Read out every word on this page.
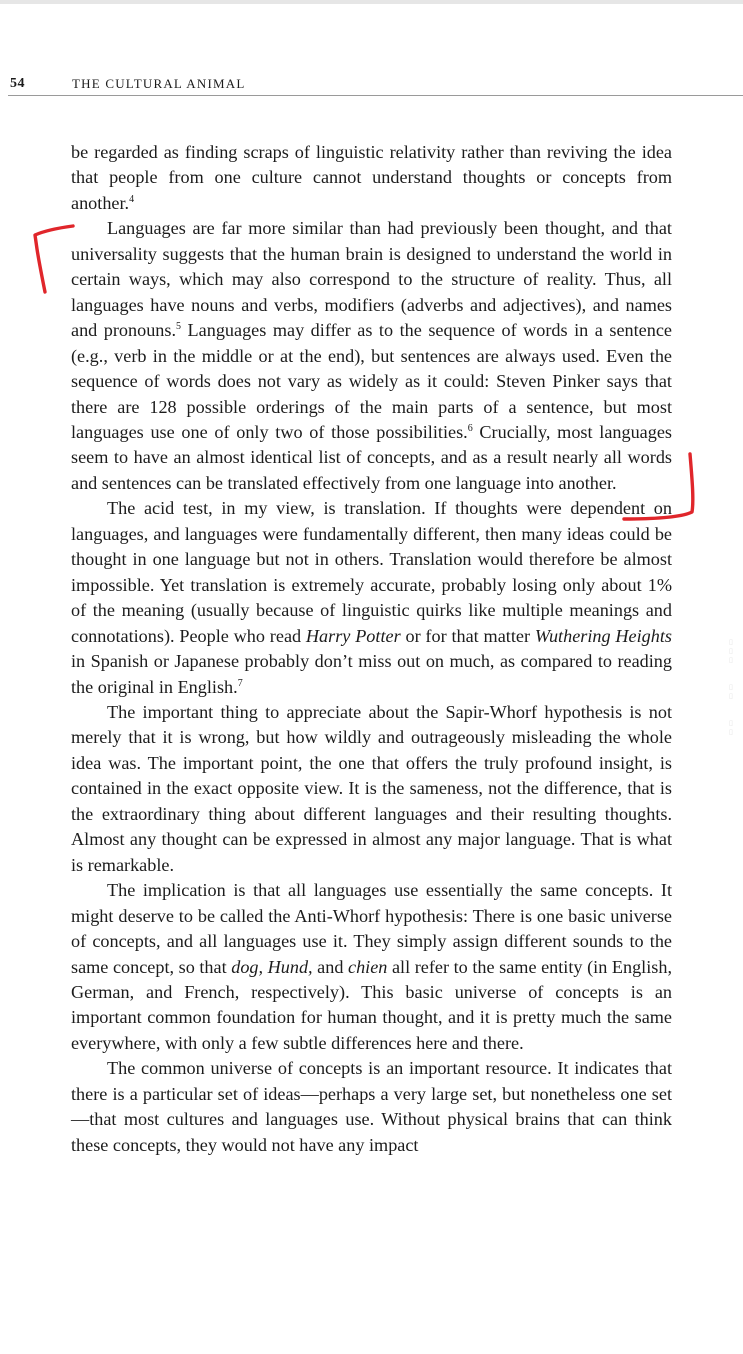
54	THE CULTURAL ANIMAL

be regarded as finding scraps of linguistic relativity rather than reviving the idea that people from one culture cannot understand thoughts or concepts from another.$^4$

Languages are far more similar than had previously been thought, and that universality suggests that the human brain is designed to understand the world in certain ways, which may also correspond to the structure of reality. Thus, all languages have nouns and verbs, modifiers (adverbs and adjectives), and names and pronouns.$^5$ Languages may differ as to the sequence of words in a sentence (e.g., verb in the middle or at the end), but sentences are always used. Even the sequence of words does not vary as widely as it could: Steven Pinker says that there are 128 possible orderings of the main parts of a sentence, but most languages use one of only two of those possibilities.$^6$ Crucially, most languages seem to have an almost identical list of concepts, and as a result nearly all words and sentences can be translated effectively from one language into another.

The acid test, in my view, is translation. If thoughts were dependent on languages, and languages were fundamentally different, then many ideas could be thought in one language but not in others. Translation would therefore be almost impossible. Yet translation is extremely accurate, probably losing only about 1% of the meaning (usually because of linguistic quirks like multiple meanings and connotations). People who read Harry Potter or for that matter Wuthering Heights in Spanish or Japanese probably don’t miss out on much, as compared to reading the original in English.$^7$

The important thing to appreciate about the Sapir-Whorf hypothesis is not merely that it is wrong, but how wildly and outrageously misleading the whole idea was. The important point, the one that offers the truly profound insight, is contained in the exact opposite view. It is the sameness, not the difference, that is the extraordinary thing about different languages and their resulting thoughts. Almost any thought can be expressed in almost any major language. That is what is remarkable.

The implication is that all languages use essentially the same concepts. It might deserve to be called the Anti-Whorf hypothesis: There is one basic universe of concepts, and all languages use it. They simply assign different sounds to the same concept, so that dog, Hund, and chien all refer to the same entity (in English, German, and French, respectively). This basic universe of concepts is an important common foundation for human thought, and it is pretty much the same everywhere, with only a few subtle differences here and there.

The common universe of concepts is an important resource. It indicates that there is a particular set of ideas—perhaps a very large set, but nonetheless one set—that most cultures and languages use. Without physical brains that can think these concepts, they would not have any impact

▯
▯
▯

▯
▯

▯
▯
